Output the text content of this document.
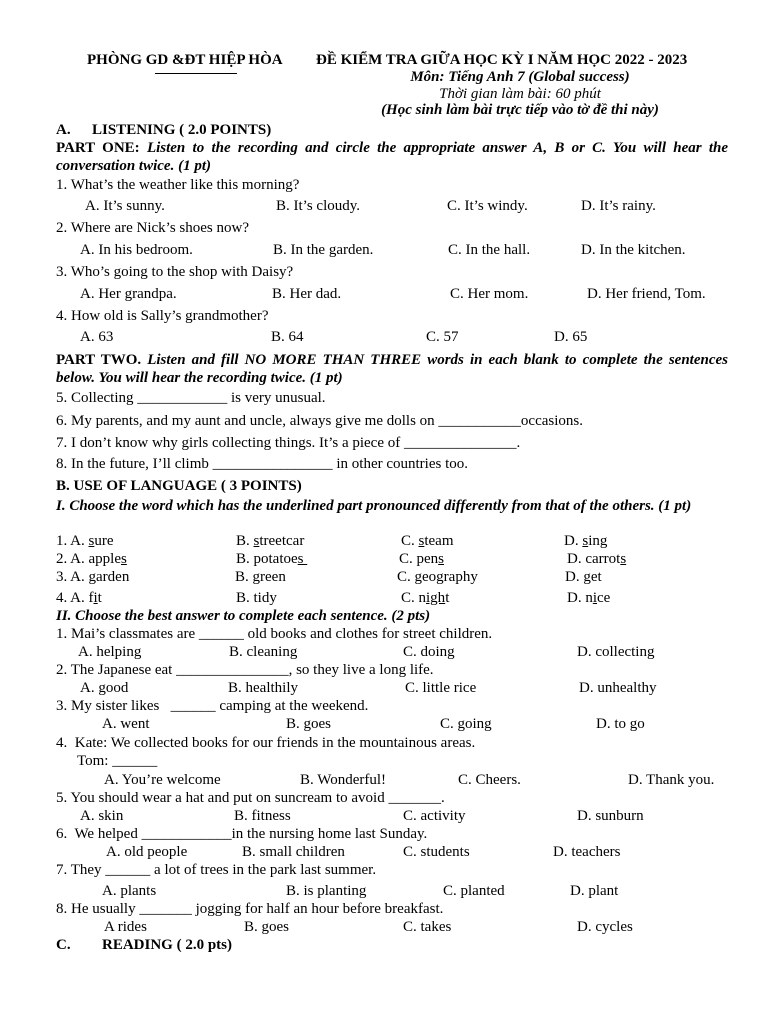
PHÒNG GD &ĐT HIỆP HÒA ĐỀ KIỂM TRA GIỮA HỌC KỲ I NĂM HỌC 2022 - 2023
Môn: Tiếng Anh 7 (Global success)
Thời gian làm bài: 60 phút
(Học sinh làm bài trực tiếp vào tờ đề thi này)
A. LISTENING ( 2.0 POINTS)
PART ONE: Listen to the recording and circle the appropriate answer A, B or C. You will hear the conversation twice. (1 pt)
1. What’s the weather like this morning?
A. It’s sunny.	B. It’s cloudy.	C. It’s windy.	D. It’s rainy.
2. Where are Nick’s shoes now?
A. In his bedroom.	B. In the garden.	C. In the hall.	D. In the kitchen.
3. Who’s going to the shop with Daisy?
A. Her grandpa.	B. Her dad.	C. Her mom.	D. Her friend, Tom.
4. How old is Sally’s grandmother?
A. 63	B. 64	C. 57	D. 65
PART TWO. Listen and fill NO MORE THAN THREE words in each blank to complete the sentences below. You will hear the recording twice. (1 pt)
5. Collecting ____________ is very unusual.
6. My parents, and my aunt and uncle, always give me dolls on ___________occasions.
7. I don’t know why girls collecting things. It’s a piece of _______________.
8. In the future, I’ll climb ________________ in other countries too.
B. USE OF LANGUAGE ( 3 POINTS)
I. Choose the word which has the underlined part pronounced differently from that of the others. (1 pt)
1. A. sure	B. streetcar	C. steam	D. sing
2. A. apples	B. potatoes	C. pens	D. carrots
3. A. garden	B. green	C. geography	D. get
4. A. fit	B. tidy	C. night	D. nice
II. Choose the best answer to complete each sentence. (2 pts)
1. Mai’s classmates are ______ old books and clothes for street children.
A. helping	B. cleaning	C. doing	D. collecting
2. The Japanese eat _______________, so they live a long life.
A. good	B. healthily	C. little rice	D. unhealthy
3. My sister likes   ______ camping at the weekend.
A. went	B. goes	C. going	D. to go
4.  Kate: We collected books for our friends in the mountainous areas.
Tom: ______
A. You’re welcome	B. Wonderful!	C. Cheers.	D. Thank you.
5. You should wear a hat and put on suncream to avoid _______.
A. skin	B. fitness	C. activity	D. sunburn
6.  We helped ____________in the nursing home last Sunday.
A. old people	B. small children	C. students	D. teachers
7. They ______ a lot of trees in the park last summer.
A. plants	B. is planting	C. planted	D. plant
8. He usually _______ jogging for half an hour before breakfast.
A rides	B. goes	C. takes	D. cycles
C. READING ( 2.0 pts)
